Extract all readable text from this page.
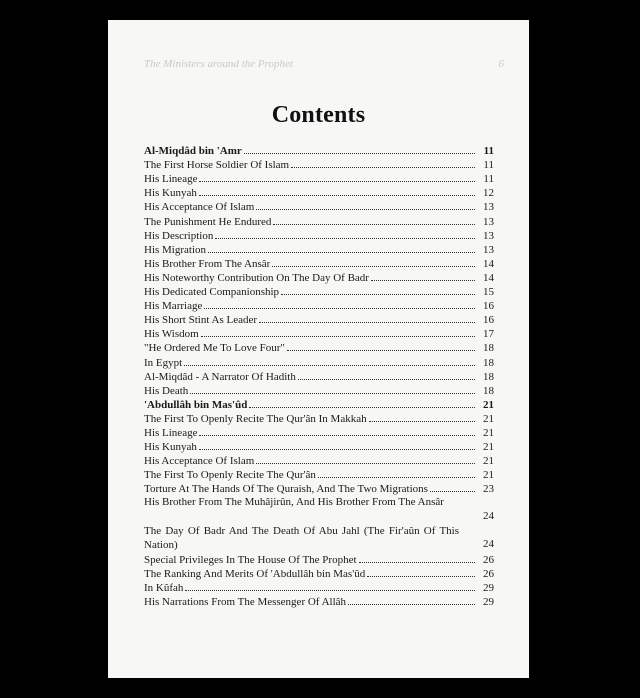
The Ministers around the Prophet	6
Contents
Al-Miqdâd bin 'Amr	11
The First Horse Soldier Of Islam	11
His Lineage	11
His Kunyah	12
His Acceptance Of Islam	13
The Punishment He Endured	13
His Description	13
His Migration	13
His Brother From The Ansâr	14
His Noteworthy Contribution On The Day Of Badr	14
His Dedicated Companionship	15
His Marriage	16
His Short Stint As Leader	16
His Wisdom	17
"He Ordered Me To Love Four"	18
In Egypt	18
Al-Miqdâd - A Narrator Of Hadith	18
His Death	18
'Abdullâh bin Mas'ûd	21
The First To Openly Recite The Qur'ân In Makkah	21
His Lineage	21
His Kunyah	21
His Acceptance Of Islam	21
The First To Openly Recite The Qur'ân	21
Torture At The Hands Of The Quraish, And The Two Migrations	23
His Brother From The Muhâjirûn, And His Brother From The Ansâr
24
The Day Of Badr And The Death Of Abu Jahl (The Fir'aûn Of This Nation)	24
Special Privileges In The House Of The Prophet	26
The Ranking And Merits Of 'Abdullâh bin Mas'ûd	26
In Kûfah	29
His Narrations From The Messenger Of Allâh	29
